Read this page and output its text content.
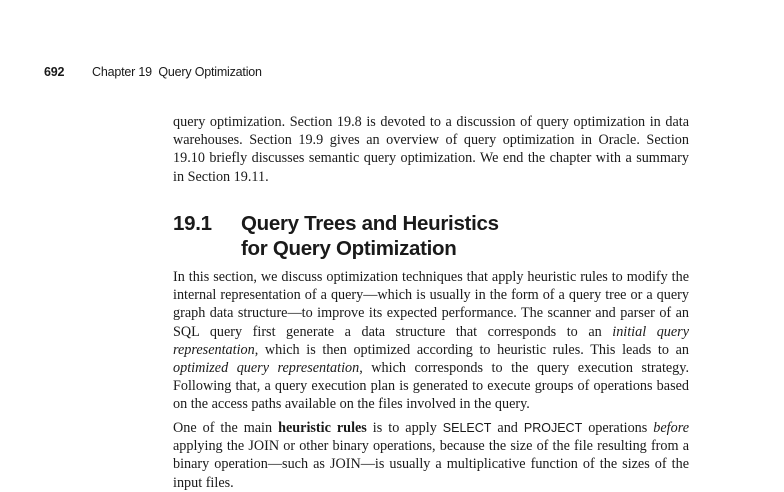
692 Chapter 19  Query Optimization

query optimization. Section 19.8 is devoted to a discussion of query optimization in data warehouses. Section 19.9 gives an overview of query optimization in Oracle. Section 19.10 briefly discusses semantic query optimization. We end the chapter with a summary in Section 19.11.

19.1 Query Trees and Heuristics
for Query Optimization

In this section, we discuss optimization techniques that apply heuristic rules to modify the internal representation of a query—which is usually in the form of a query tree or a query graph data structure—to improve its expected performance. The scanner and parser of an SQL query first generate a data structure that corresponds to an initial query representation, which is then optimized according to heuristic rules. This leads to an optimized query representation, which corresponds to the query execution strategy. Following that, a query execution plan is generated to execute groups of operations based on the access paths available on the files involved in the query.

One of the main heuristic rules is to apply SELECT and PROJECT operations before applying the JOIN or other binary operations, because the size of the file resulting from a binary operation—such as JOIN—is usually a multiplicative function of the sizes of the input files.
